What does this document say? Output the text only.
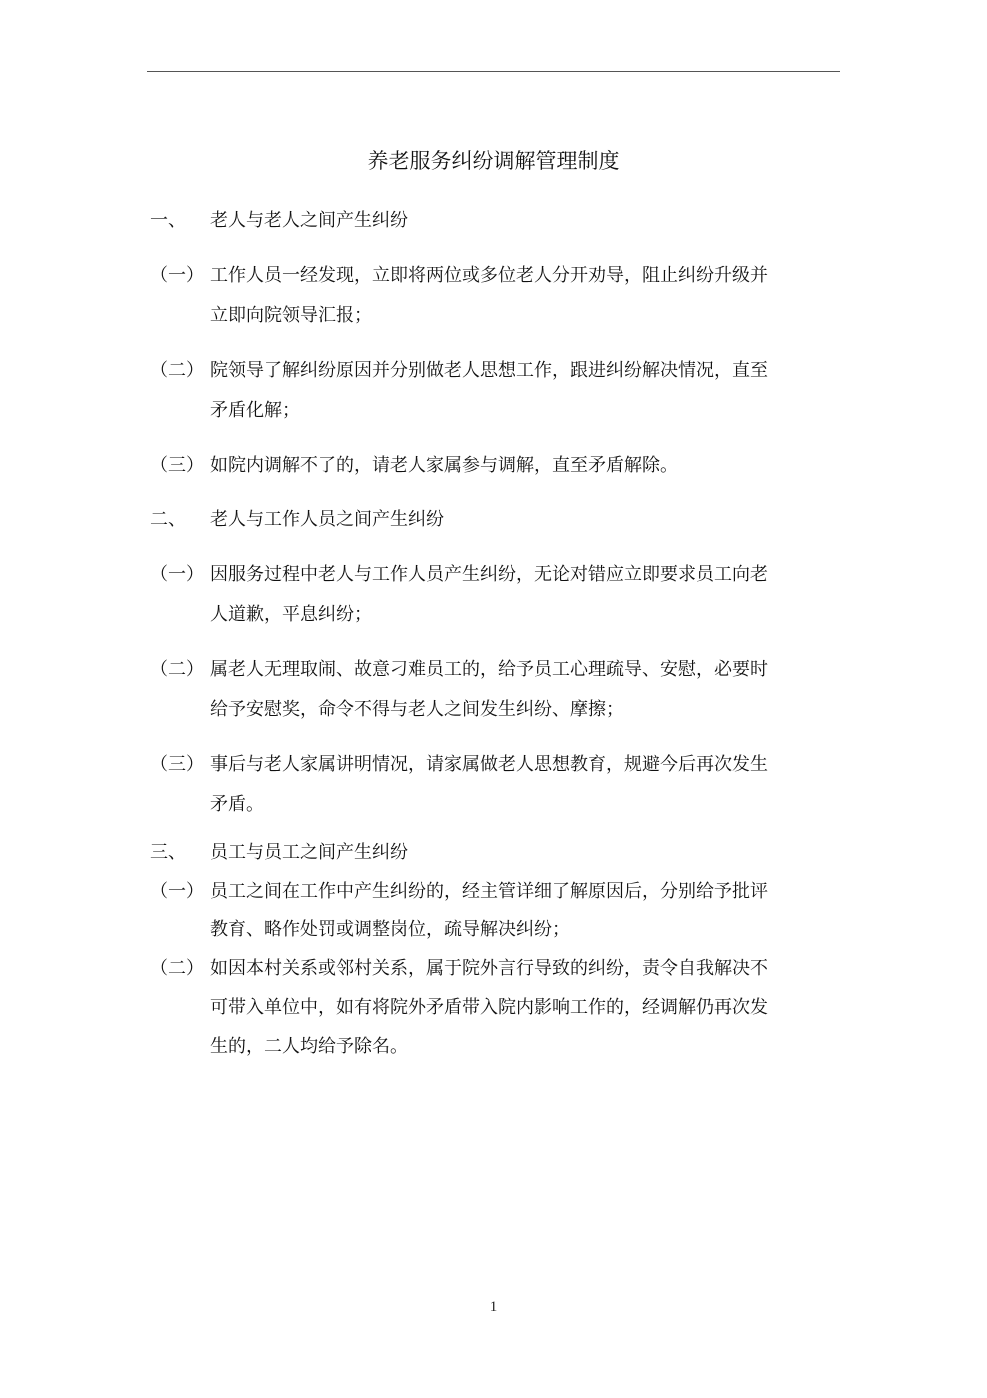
养老服务纠纷调解管理制度
一、 老人与老人之间产生纠纷
（一） 工作人员一经发现，立即将两位或多位老人分开劝导，阻止纠纷升级并
立即向院领导汇报；
（二） 院领导了解纠纷原因并分别做老人思想工作，跟进纠纷解决情况，直至
矛盾化解；
（三） 如院内调解不了的，请老人家属参与调解，直至矛盾解除。
二、 老人与工作人员之间产生纠纷
（一） 因服务过程中老人与工作人员产生纠纷，无论对错应立即要求员工向老
人道歉，平息纠纷；
（二） 属老人无理取闹、故意刁难员工的，给予员工心理疏导、安慰，必要时
给予安慰奖，命令不得与老人之间发生纠纷、摩擦；
（三） 事后与老人家属讲明情况，请家属做老人思想教育，规避今后再次发生
矛盾。
三、 员工与员工之间产生纠纷
（一） 员工之间在工作中产生纠纷的，经主管详细了解原因后，分别给予批评
教育、略作处罚或调整岗位，疏导解决纠纷；
（二） 如因本村关系或邻村关系，属于院外言行导致的纠纷，责令自我解决不
可带入单位中，如有将院外矛盾带入院内影响工作的，经调解仍再次发
生的，二人均给予除名。
1
